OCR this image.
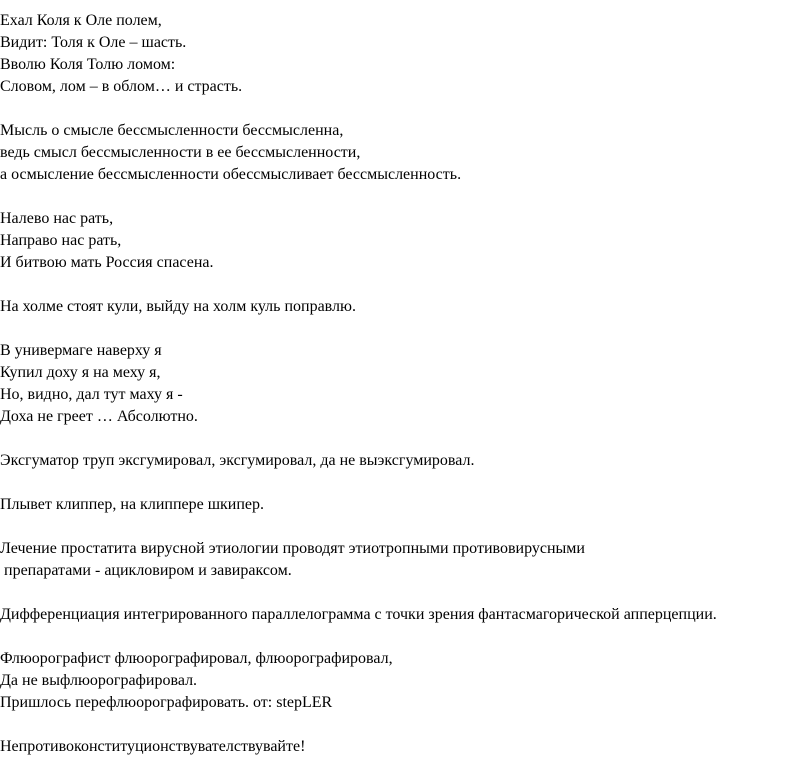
Ехал Коля к Оле полем,
Видит: Толя к Оле – шасть.
Вволю Коля Толю ломом:
Словом, лом – в облом… и страсть.
Мысль о смысле бессмысленности бессмысленна,
ведь смысл бессмысленности в ее бессмысленности,
а осмысление бессмысленности обессмысливает бессмысленность.
Налево нас рать,
Направо нас рать,
И битвою мать Россия спасена.
На холме стоят кули, выйду на холм куль поправлю.
В универмаге наверху я
Купил доху я на меху я,
Но, видно, дал тут маху я -
Доха не греет … Абсолютно.
Эксгуматор труп эксгумировал, эксгумировал, да не выэксгумировал.
Плывет клиппер, на клиппере шкипер.
Лечение простатита вирусной этиологии проводят этиотропными противовирусными
препаратами - ацикловиром и завираксом.
Дифференциация интегрированного параллелограмма с точки зрения фантасмагорической апперцепции.
Флюорографист флюорографировал, флюорографировал,
Да не выфлюорографировал.
Пришлось перефлюорографировать. от: stepLER
Непротивоконституционствувателствувайте!
